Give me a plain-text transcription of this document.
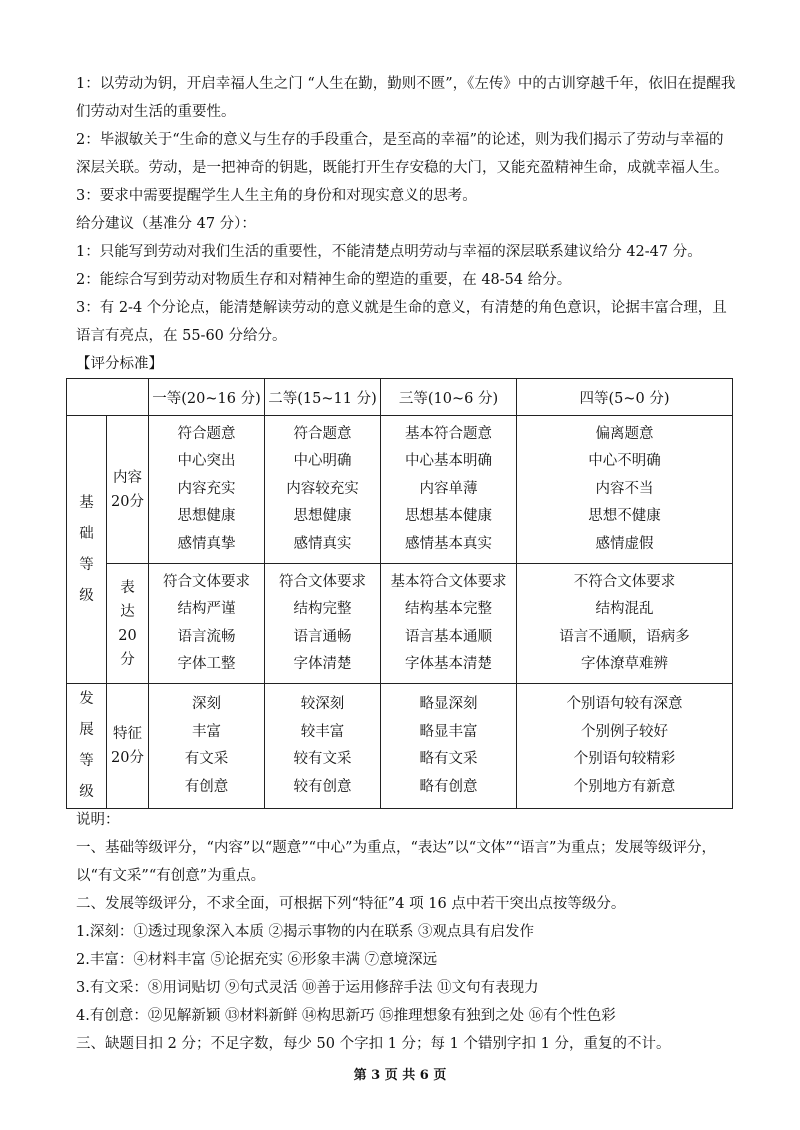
1：以劳动为钥，开启幸福人生之门 “人生在勤，勤则不匮”，《左传》中的古训穿越千年，依旧在提醒我们劳动对生活的重要性。

2：毕淑敏关于“生命的意义与生存的手段重合，是至高的幸福”的论述，则为我们揭示了劳动与幸福的深层关联。劳动，是一把神奇的钥匙，既能打开生存安稳的大门，又能充盈精神生命，成就幸福人生。

3：要求中需要提醒学生人生主角的身份和对现实意义的思考。

给分建议（基准分 47 分）：

1：只能写到劳动对我们生活的重要性，不能清楚点明劳动与幸福的深层联系建议给分 42-47 分。

2：能综合写到劳动对物质生存和对精神生命的塑造的重要，在 48-54 给分。

3：有 2-4 个分论点，能清楚解读劳动的意义就是生命的意义，有清楚的角色意识，论据丰富合理，且语言有亮点，在 55-60 分给分。

【评分标准】

		一等(20~16 分)	二等(15~11 分)	三等(10~6 分)	四等(5~0 分)

基
础
等
级	内容
20分	符合题意
中心突出
内容充实
思想健康
感情真挚	符合题意
中心明确
内容较充实
思想健康
感情真实	基本符合题意
中心基本明确
内容单薄
思想基本健康
感情基本真实	偏离题意
中心不明确
内容不当
思想不健康
感情虚假

	表
达
20
分	符合文体要求
结构严谨
语言流畅
字体工整	符合文体要求
结构完整
语言通畅
字体清楚	基本符合文体要求
结构基本完整
语言基本通顺
字体基本清楚	不符合文体要求
结构混乱
语言不通顺，语病多
字体潦草难辨

发
展
等
级	特征
20分	深刻
丰富
有文采
有创意	较深刻
较丰富
较有文采
较有创意	略显深刻
略显丰富
略有文采
略有创意	个别语句较有深意
个别例子较好
个别语句较精彩
个别地方有新意

说明：

一、基础等级评分，“内容”以“题意”“中心”为重点，“表达”以“文体”“语言”为重点；发展等级评分，以“有文采”“有创意”为重点。

二、发展等级评分，不求全面，可根据下列“特征”4 项 16 点中若干突出点按等级分。

1.深刻：①透过现象深入本质 ②揭示事物的内在联系 ③观点具有启发作

2.丰富：④材料丰富 ⑤论据充实 ⑥形象丰满 ⑦意境深远

3.有文采：⑧用词贴切 ⑨句式灵活 ⑩善于运用修辞手法 ⑪文句有表现力

4.有创意：⑫见解新颖 ⑬材料新鲜 ⑭构思新巧 ⑮推理想象有独到之处 ⑯有个性色彩

三、缺题目扣 2 分；不足字数，每少 50 个字扣 1 分；每 1 个错别字扣 1 分，重复的不计。

第 3 页 共 6 页
